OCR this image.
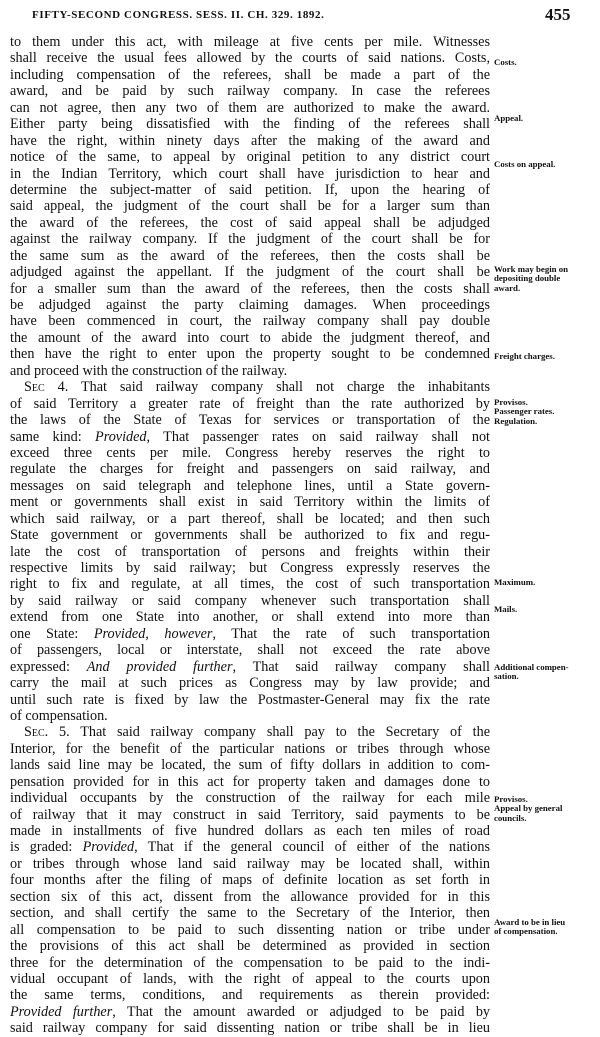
FIFTY-SECOND CONGRESS. SESS. II. CH. 329. 1892.	455
to them under this act, with mileage at five cents per mile. Witnesses
shall receive the usual fees allowed by the courts of said nations. Costs,
including compensation of the referees, shall be made a part of the
award, and be paid by such railway company. In case the referees
can not agree, then any two of them are authorized to make the award.
Either party being dissatisfied with the finding of the referees shall
have the right, within ninety days after the making of the award and
notice of the same, to appeal by original petition to any district court
in the Indian Territory, which court shall have jurisdiction to hear and
determine the subject-matter of said petition. If, upon the hearing of
said appeal, the judgment of the court shall be for a larger sum than
the award of the referees, the cost of said appeal shall be adjudged
against the railway company. If the judgment of the court shall be for
the same sum as the award of the referees, then the costs shall be
adjudged against the appellant. If the judgment of the court shall be
for a smaller sum than the award of the referees, then the costs shall
be adjudged against the party claiming damages. When proceedings
have been commenced in court, the railway company shall pay double
the amount of the award into court to abide the judgment thereof, and
then have the right to enter upon the property sought to be condemned
and proceed with the construction of the railway.
Sec 4. That said railway company shall not charge the inhabitants
of said Territory a greater rate of freight than the rate authorized by
the laws of the State of Texas for services or transportation of the
same kind: Provided, That passenger rates on said railway shall not
exceed three cents per mile. Congress hereby reserves the right to
regulate the charges for freight and passengers on said railway, and
messages on said telegraph and telephone lines, until a State govern-
ment or governments shall exist in said Territory within the limits of
which said railway, or a part thereof, shall be located; and then such
State government or governments shall be authorized to fix and regu-
late the cost of transportation of persons and freights within their
respective limits by said railway; but Congress expressly reserves the
right to fix and regulate, at all times, the cost of such transportation
by said railway or said company whenever such transportation shall
extend from one State into another, or shall extend into more than
one State: Provided, however, That the rate of such transportation
of passengers, local or interstate, shall not exceed the rate above
expressed: And provided further, That said railway company shall
carry the mail at such prices as Congress may by law provide; and
until such rate is fixed by law the Postmaster-General may fix the rate
of compensation.
Sec. 5. That said railway company shall pay to the Secretary of the
Interior, for the benefit of the particular nations or tribes through whose
lands said line may be located, the sum of fifty dollars in addition to com-
pensation provided for in this act for property taken and damages done to
individual occupants by the construction of the railway for each mile
of railway that it may construct in said Territory, said payments to be
made in installments of five hundred dollars as each ten miles of road
is graded: Provided, That if the general council of either of the nations
or tribes through whose land said railway may be located shall, within
four months after the filing of maps of definite location as set forth in
section six of this act, dissent from the allowance provided for in this
section, and shall certify the same to the Secretary of the Interior, then
all compensation to be paid to such dissenting nation or tribe under
the provisions of this act shall be determined as provided in section
three for the determination of the compensation to be paid to the indi-
vidual occupant of lands, with the right of appeal to the courts upon
the same terms, conditions, and requirements as therein provided:
Provided further, That the amount awarded or adjudged to be paid by
said railway company for said dissenting nation or tribe shall be in lieu
Costs.
Appeal.
Costs on appeal.
Work may begin on
depositing double
award.
Freight charges.
Provisos.
Passenger rates.
Regulation.
Maximum.
Mails.
Additional compen-
sation.
Provisos.
Appeal by general
councils.
Award to be in lieu
of compensation.
